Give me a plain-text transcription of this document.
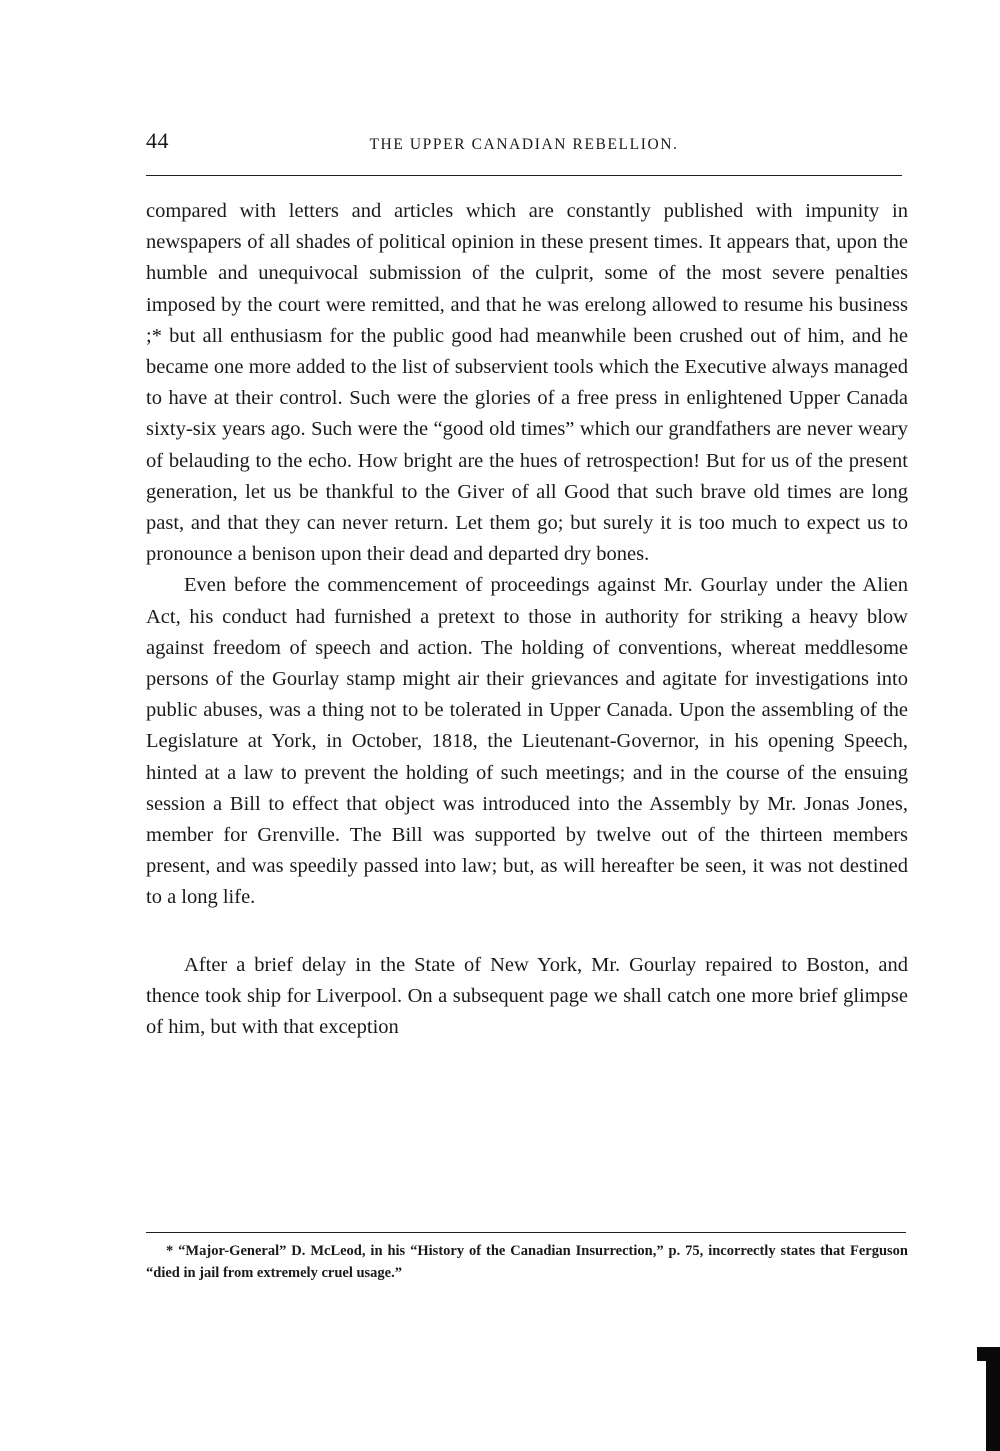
44	THE UPPER CANADIAN REBELLION.

compared with letters and articles which are constantly published with impunity in newspapers of all shades of political opinion in these present times. It appears that, upon the humble and unequivocal submission of the culprit, some of the most severe penalties imposed by the court were remitted, and that he was erelong allowed to resume his business ;* but all enthusiasm for the public good had meanwhile been crushed out of him, and he became one more added to the list of subservient tools which the Executive always managed to have at their control. Such were the glories of a free press in enlightened Upper Canada sixty-six years ago. Such were the “good old times” which our grandfathers are never weary of belauding to the echo. How bright are the hues of retrospection! But for us of the present generation, let us be thankful to the Giver of all Good that such brave old times are long past, and that they can never return. Let them go; but surely it is too much to expect us to pronounce a benison upon their dead and departed dry bones.

Even before the commencement of proceedings against Mr. Gourlay under the Alien Act, his conduct had furnished a pretext to those in authority for striking a heavy blow against freedom of speech and action. The holding of conventions, whereat meddlesome persons of the Gourlay stamp might air their grievances and agitate for investigations into public abuses, was a thing not to be tolerated in Upper Canada. Upon the assembling of the Legislature at York, in October, 1818, the Lieutenant-Governor, in his opening Speech, hinted at a law to prevent the holding of such meetings; and in the course of the ensuing session a Bill to effect that object was introduced into the Assembly by Mr. Jonas Jones, member for Grenville. The Bill was supported by twelve out of the thirteen members present, and was speedily passed into law; but, as will hereafter be seen, it was not destined to a long life.

After a brief delay in the State of New York, Mr. Gourlay repaired to Boston, and thence took ship for Liverpool. On a subsequent page we shall catch one more brief glimpse of him, but with that exception

* “Major-General” D. McLeod, in his “History of the Canadian Insurrection,” p. 75, incorrectly states that Ferguson “died in jail from extremely cruel usage.”
